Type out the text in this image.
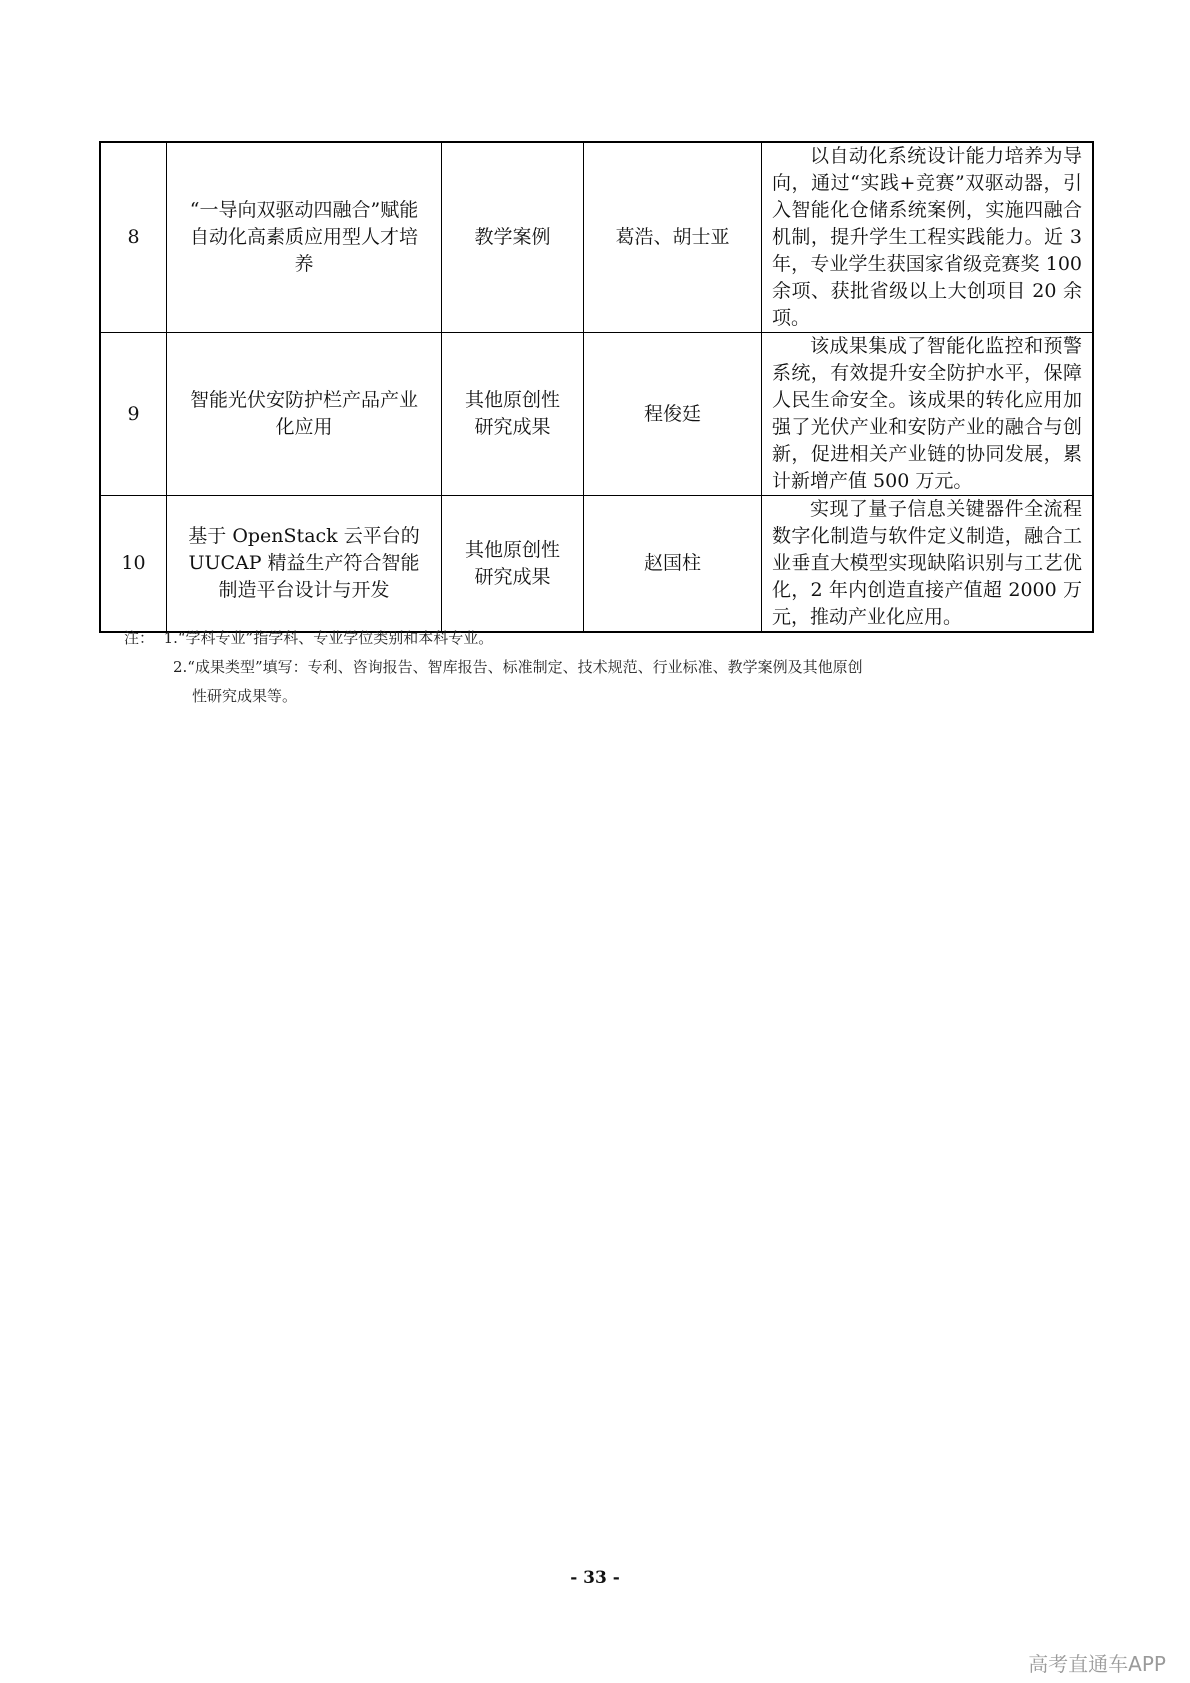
8	“一导向双驱动四融合”赋能自动化高素质应用型人才培养	教学案例	葛浩、胡士亚	以自动化系统设计能力培养为导向，通过“实践+竞赛”双驱动器，引入智能化仓储系统案例，实施四融合机制，提升学生工程实践能力。近 3 年，专业学生获国家省级竞赛奖 100 余项、获批省级以上大创项目 20 余项。

9	智能光伏安防护栏产品产业化应用	其他原创性研究成果	程俊廷	该成果集成了智能化监控和预警系统，有效提升安全防护水平，保障人民生命安全。该成果的转化应用加强了光伏产业和安防产业的融合与创新，促进相关产业链的协同发展，累计新增产值 500 万元。

10	基于 OpenStack 云平台的 UUCAP 精益生产符合智能制造平台设计与开发	其他原创性研究成果	赵国柱	实现了量子信息关键器件全流程数字化制造与软件定义制造，融合工业垂直大模型实现缺陷识别与工艺优化，2 年内创造直接产值超 2000 万元，推动产业化应用。
注： 1.“学科专业”指学科、专业学位类别和本科专业。
2.“成果类型”填写：专利、咨询报告、智库报告、标准制定、技术规范、行业标准、教学案例及其他原创
性研究成果等。
- 33 -
高考直通车APP
